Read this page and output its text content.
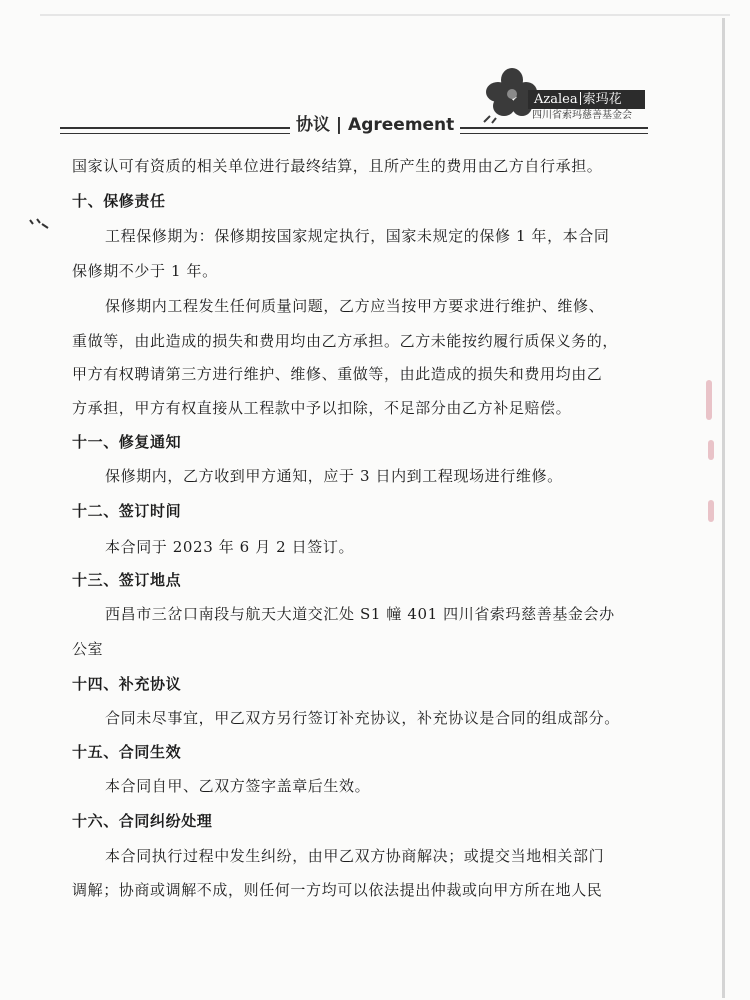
协议 | Agreement
Azalea 索玛花
四川省索玛慈善基金会
国家认可有资质的相关单位进行最终结算，且所产生的费用由乙方自行承担。
十、保修责任
工程保修期为：保修期按国家规定执行，国家未规定的保修 1 年，本合同
保修期不少于 1 年。
保修期内工程发生任何质量问题，乙方应当按甲方要求进行维护、维修、
重做等，由此造成的损失和费用均由乙方承担。乙方未能按约履行质保义务的，
甲方有权聘请第三方进行维护、维修、重做等，由此造成的损失和费用均由乙
方承担，甲方有权直接从工程款中予以扣除，不足部分由乙方补足赔偿。
十一、修复通知
保修期内，乙方收到甲方通知，应于 3 日内到工程现场进行维修。
十二、签订时间
本合同于 2023 年 6 月 2 日签订。
十三、签订地点
西昌市三岔口南段与航天大道交汇处 S1 幢 401 四川省索玛慈善基金会办
公室
十四、补充协议
合同未尽事宜，甲乙双方另行签订补充协议，补充协议是合同的组成部分。
十五、合同生效
本合同自甲、乙双方签字盖章后生效。
十六、合同纠纷处理
本合同执行过程中发生纠纷，由甲乙双方协商解决；或提交当地相关部门
调解；协商或调解不成，则任何一方均可以依法提出仲裁或向甲方所在地人民
